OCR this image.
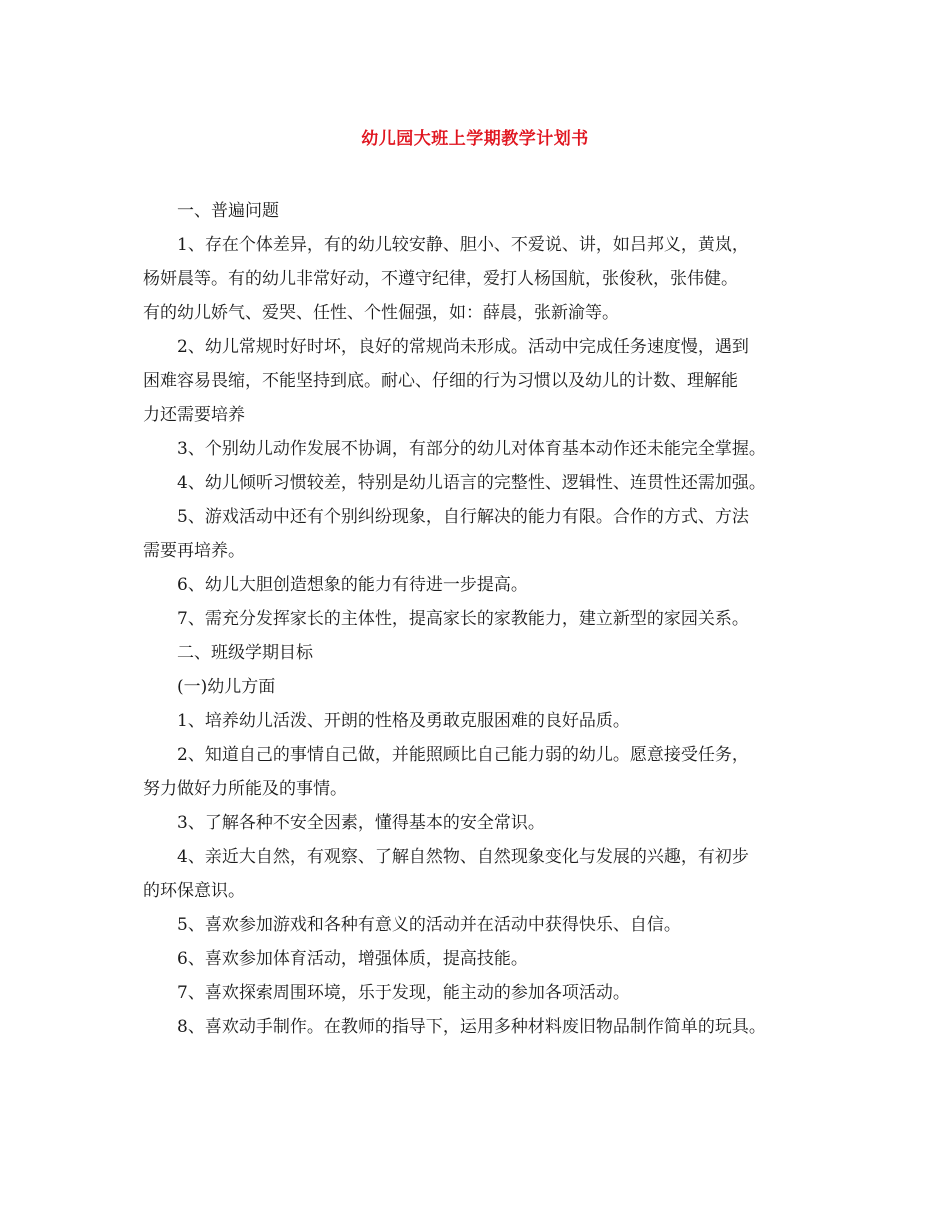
幼儿园大班上学期教学计划书

一、普遍问题

1、存在个体差异，有的幼儿较安静、胆小、不爱说、讲，如吕邦义，黄岚，
杨妍晨等。有的幼儿非常好动，不遵守纪律，爱打人杨国航，张俊秋，张伟健。
有的幼儿娇气、爱哭、任性、个性倔强，如：薛晨，张新渝等。

2、幼儿常规时好时坏，良好的常规尚未形成。活动中完成任务速度慢，遇到
困难容易畏缩，不能坚持到底。耐心、仔细的行为习惯以及幼儿的计数、理解能
力还需要培养

3、个别幼儿动作发展不协调，有部分的幼儿对体育基本动作还未能完全掌握。

4、幼儿倾听习惯较差，特别是幼儿语言的完整性、逻辑性、连贯性还需加强。

5、游戏活动中还有个别纠纷现象，自行解决的能力有限。合作的方式、方法
需要再培养。

6、幼儿大胆创造想象的能力有待进一步提高。

7、需充分发挥家长的主体性，提高家长的家教能力，建立新型的家园关系。

二、班级学期目标

(一)幼儿方面

1、培养幼儿活泼、开朗的性格及勇敢克服困难的良好品质。

2、知道自己的事情自己做，并能照顾比自己能力弱的幼儿。愿意接受任务，
努力做好力所能及的事情。

3、了解各种不安全因素，懂得基本的安全常识。

4、亲近大自然，有观察、了解自然物、自然现象变化与发展的兴趣，有初步
的环保意识。

5、喜欢参加游戏和各种有意义的活动并在活动中获得快乐、自信。

6、喜欢参加体育活动，增强体质，提高技能。

7、喜欢探索周围环境，乐于发现，能主动的参加各项活动。

8、喜欢动手制作。在教师的指导下，运用多种材料废旧物品制作简单的玩具。
